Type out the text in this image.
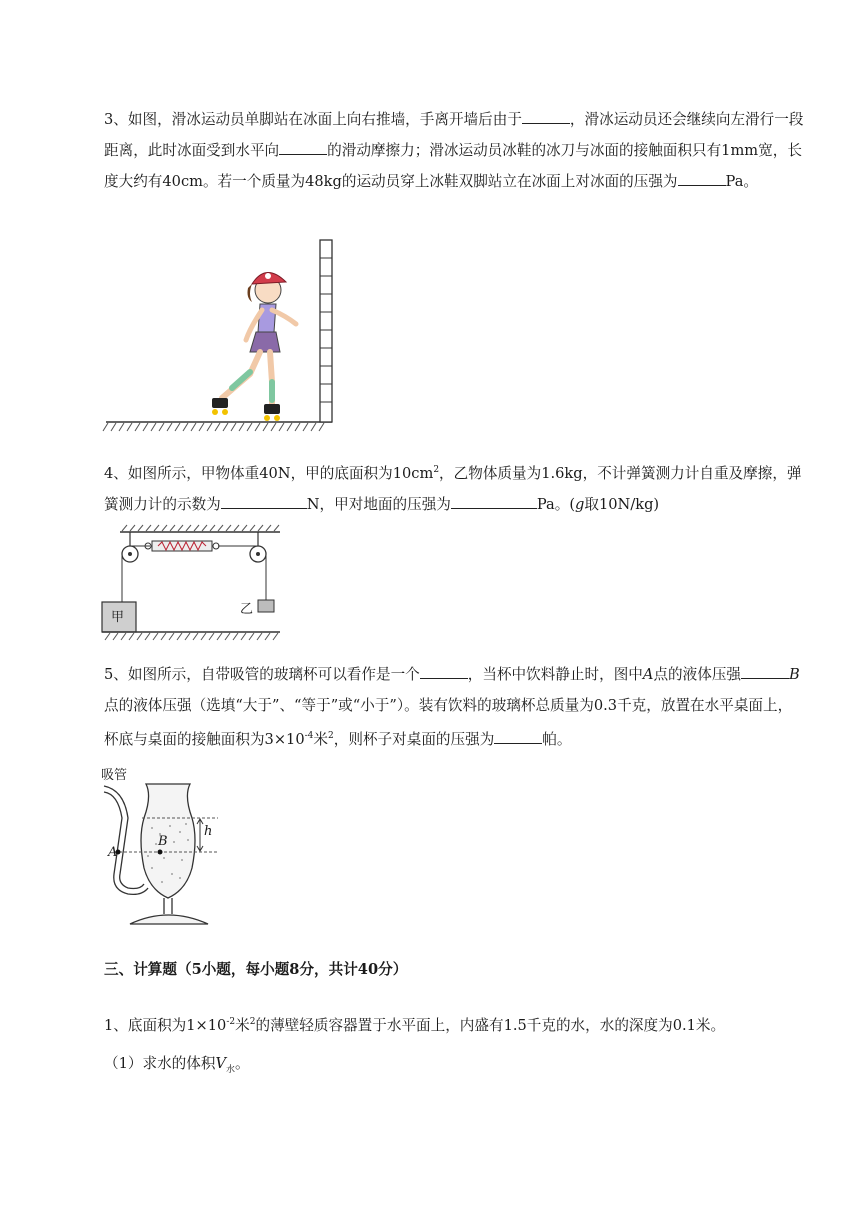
3、如图，滑冰运动员单脚站在冰面上向右推墙，手离开墙后由于	，滑冰运动员还会继续向左滑行一段距离，此时冰面受到水平向	的滑动摩擦力；滑冰运动员冰鞋的冰刀与冰面的接触面积只有1mm宽，长度大约有40cm。若一个质量为48kg的运动员穿上冰鞋双脚站立在冰面上对冰面的压强为	Pa。

4、如图所示，甲物体重40N，甲的底面积为$10cm^2$，乙物体质量为1.6kg，不计弹簧测力计自重及摩擦，弹簧测力计的示数为	N，甲对地面的压强为	Pa。(g取10N/kg)

甲
乙

5、如图所示，自带吸管的玻璃杯可以看作是一个	，当杯中饮料静止时，图中A点的液体压强	B点的液体压强（选填“大于”、“等于”或“小于”）。装有饮料的玻璃杯总质量为0.3千克，放置在水平桌面上，杯底与桌面的接触面积为$3\times 10^{-4}$米$^2$，则杯子对桌面的压强为	帕。

吸管
A
B
h

三、计算题（5小题，每小题8分，共计40分）

1、底面积为$1\times 10^{-2}$米$^2$的薄壁轻质容器置于水平面上，内盛有1.5千克的水，水的深度为0.1米。

（1）求水的体积$V_水$。
